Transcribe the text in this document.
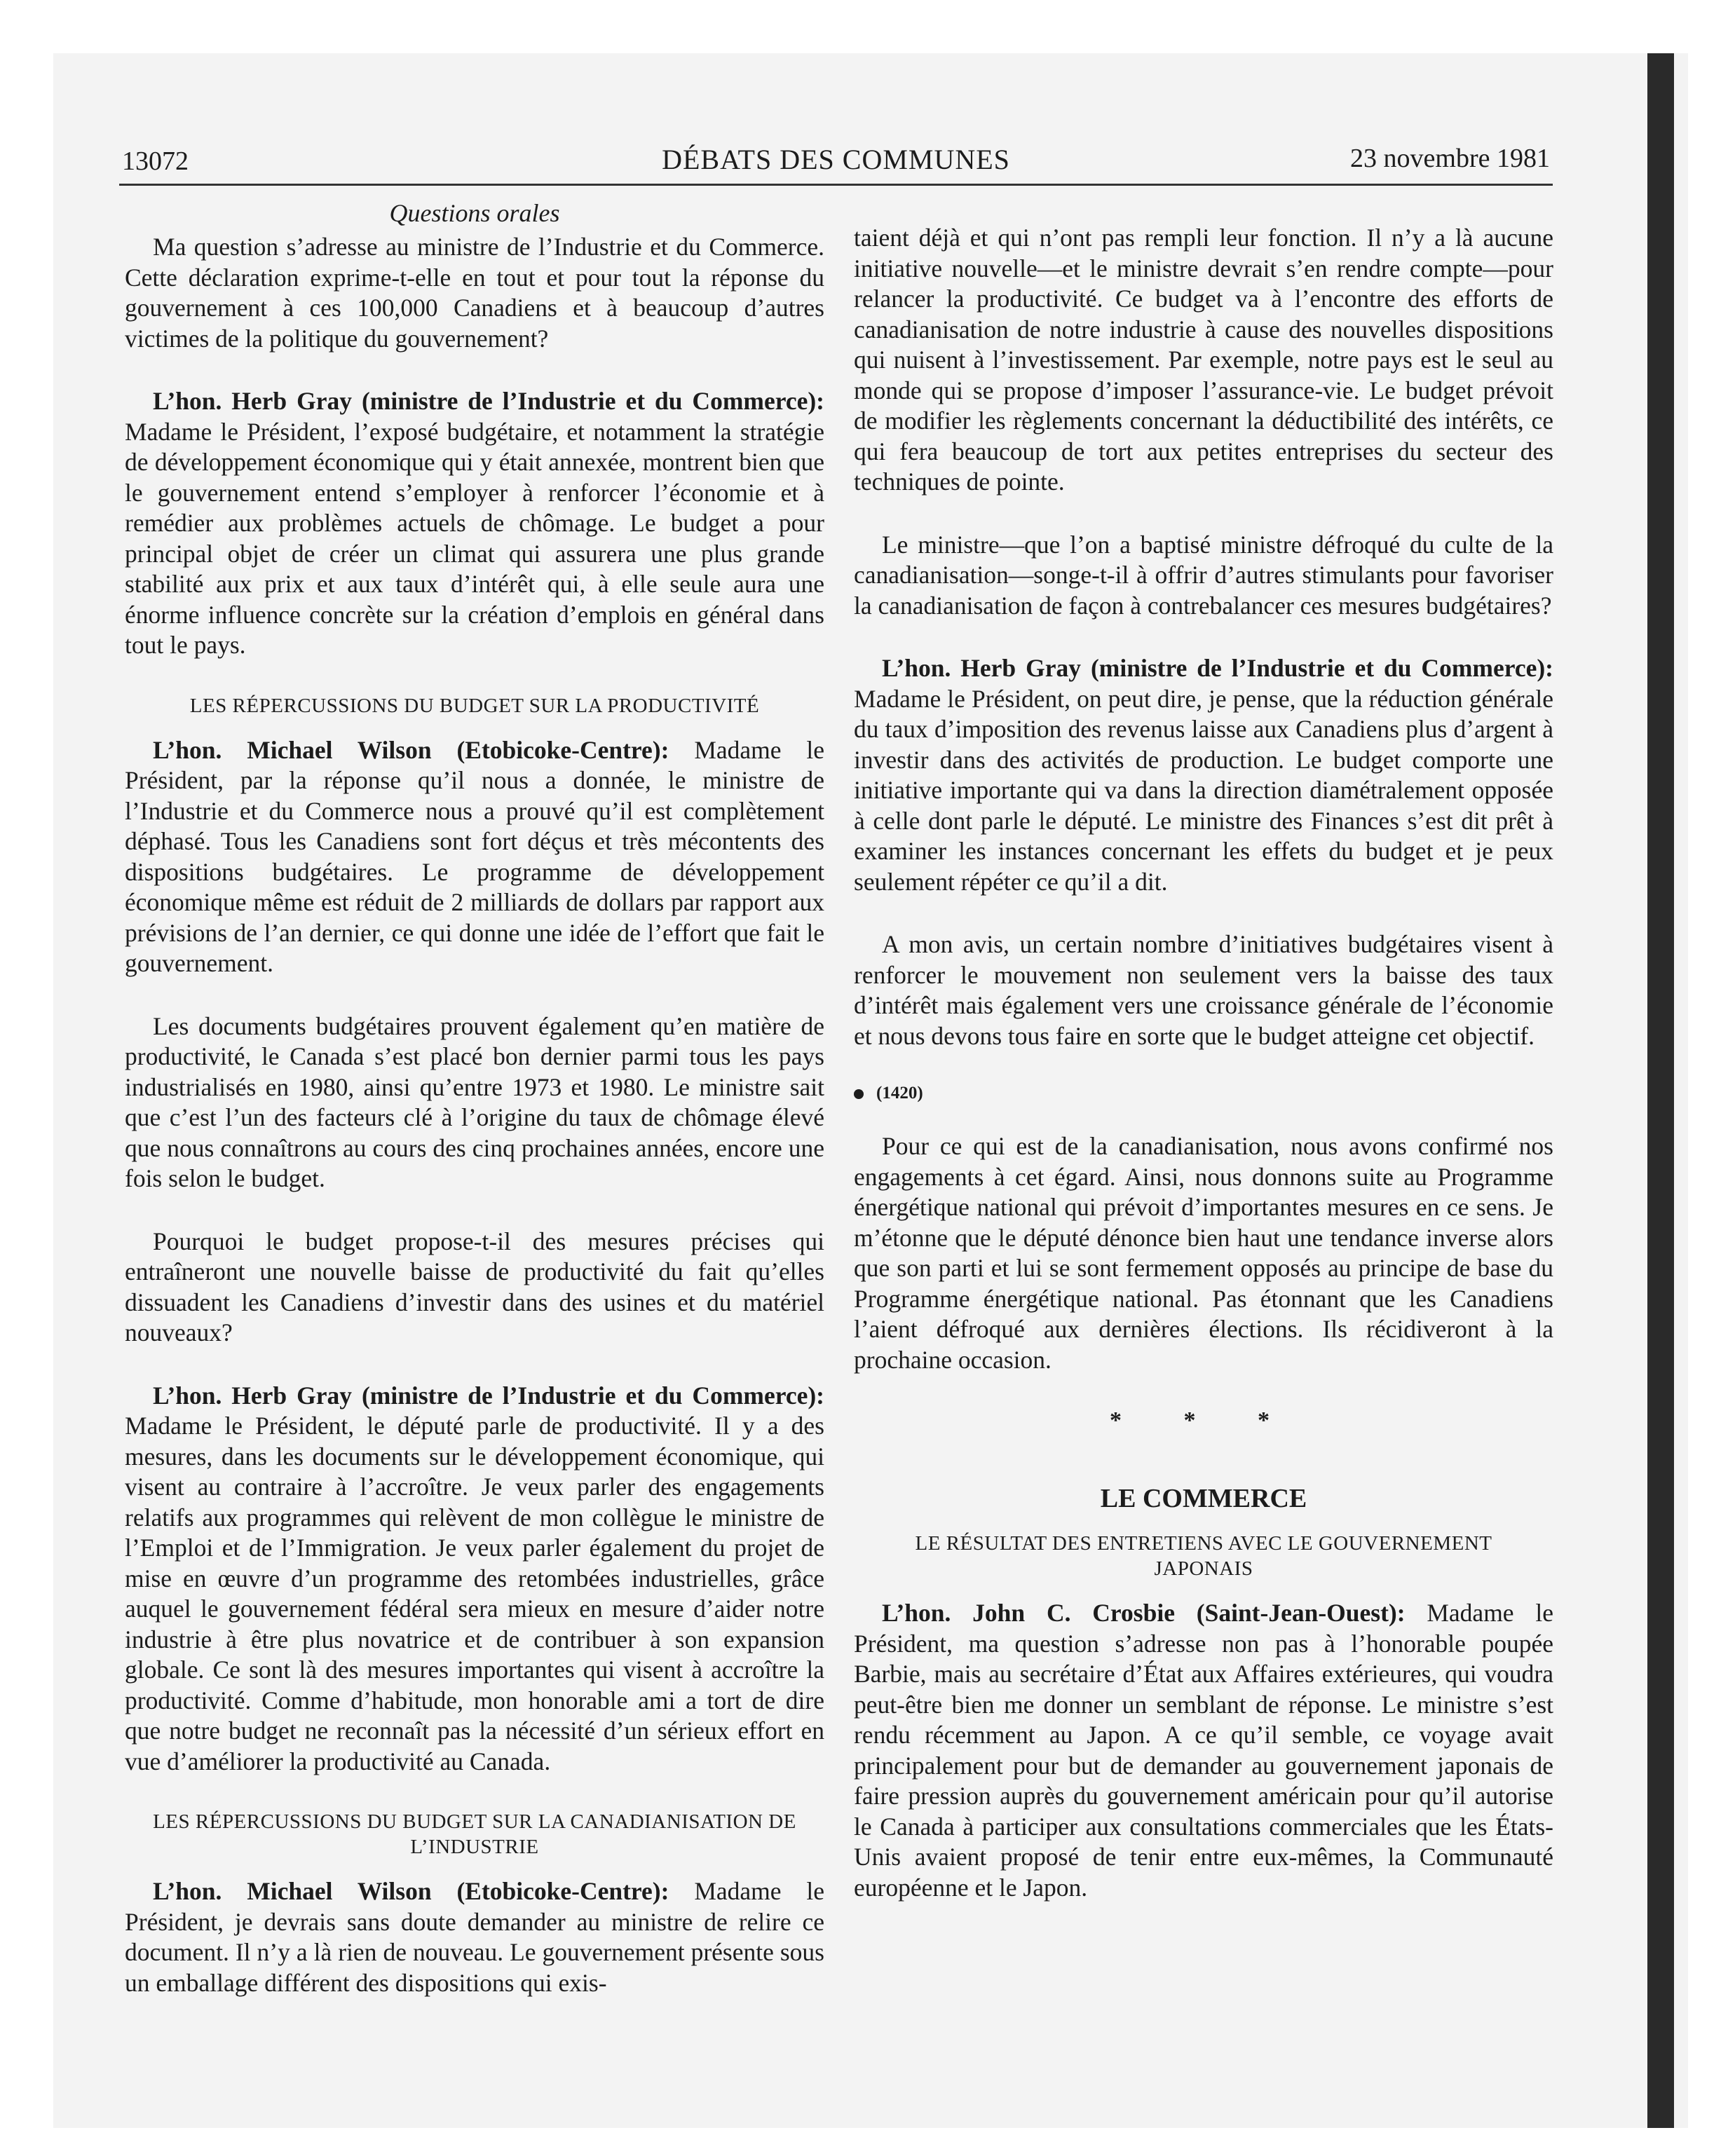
13072	DÉBATS DES COMMUNES	23 novembre 1981
Questions orales

Ma question s’adresse au ministre de l’Industrie et du Commerce. Cette déclaration exprime-t-elle en tout et pour tout la réponse du gouvernement à ces 100,000 Canadiens et à beaucoup d’autres victimes de la politique du gouvernement?

L’hon. Herb Gray (ministre de l’Industrie et du Commerce): Madame le Président, l’exposé budgétaire, et notamment la stratégie de développement économique qui y était annexée, montrent bien que le gouvernement entend s’employer à renforcer l’économie et à remédier aux problèmes actuels de chômage. Le budget a pour principal objet de créer un climat qui assurera une plus grande stabilité aux prix et aux taux d’intérêt qui, à elle seule aura une énorme influence concrète sur la création d’emplois en général dans tout le pays.

LES RÉPERCUSSIONS DU BUDGET SUR LA PRODUCTIVITÉ

L’hon. Michael Wilson (Etobicoke-Centre): Madame le Président, par la réponse qu’il nous a donnée, le ministre de l’Industrie et du Commerce nous a prouvé qu’il est complètement déphasé. Tous les Canadiens sont fort déçus et très mécontents des dispositions budgétaires. Le programme de développement économique même est réduit de 2 milliards de dollars par rapport aux prévisions de l’an dernier, ce qui donne une idée de l’effort que fait le gouvernement.

Les documents budgétaires prouvent également qu’en matière de productivité, le Canada s’est placé bon dernier parmi tous les pays industrialisés en 1980, ainsi qu’entre 1973 et 1980. Le ministre sait que c’est l’un des facteurs clé à l’origine du taux de chômage élevé que nous connaîtrons au cours des cinq prochaines années, encore une fois selon le budget.

Pourquoi le budget propose-t-il des mesures précises qui entraîneront une nouvelle baisse de productivité du fait qu’elles dissuadent les Canadiens d’investir dans des usines et du matériel nouveaux?

L’hon. Herb Gray (ministre de l’Industrie et du Commerce): Madame le Président, le député parle de productivité. Il y a des mesures, dans les documents sur le développement économique, qui visent au contraire à l’accroître. Je veux parler des engagements relatifs aux programmes qui relèvent de mon collègue le ministre de l’Emploi et de l’Immigration. Je veux parler également du projet de mise en œuvre d’un programme des retombées industrielles, grâce auquel le gouvernement fédéral sera mieux en mesure d’aider notre industrie à être plus novatrice et de contribuer à son expansion globale. Ce sont là des mesures importantes qui visent à accroître la productivité. Comme d’habitude, mon honorable ami a tort de dire que notre budget ne reconnaît pas la nécessité d’un sérieux effort en vue d’améliorer la productivité au Canada.

LES RÉPERCUSSIONS DU BUDGET SUR LA CANADIANISATION DE L’INDUSTRIE

L’hon. Michael Wilson (Etobicoke-Centre): Madame le Président, je devrais sans doute demander au ministre de relire ce document. Il n’y a là rien de nouveau. Le gouvernement présente sous un emballage différent des dispositions qui exis-

taient déjà et qui n’ont pas rempli leur fonction. Il n’y a là aucune initiative nouvelle—et le ministre devrait s’en rendre compte—pour relancer la productivité. Ce budget va à l’encontre des efforts de canadianisation de notre industrie à cause des nouvelles dispositions qui nuisent à l’investissement. Par exemple, notre pays est le seul au monde qui se propose d’imposer l’assurance-vie. Le budget prévoit de modifier les règlements concernant la déductibilité des intérêts, ce qui fera beaucoup de tort aux petites entreprises du secteur des techniques de pointe.

Le ministre—que l’on a baptisé ministre défroqué du culte de la canadianisation—songe-t-il à offrir d’autres stimulants pour favoriser la canadianisation de façon à contrebalancer ces mesures budgétaires?

L’hon. Herb Gray (ministre de l’Industrie et du Commerce): Madame le Président, on peut dire, je pense, que la réduction générale du taux d’imposition des revenus laisse aux Canadiens plus d’argent à investir dans des activités de production. Le budget comporte une initiative importante qui va dans la direction diamétralement opposée à celle dont parle le député. Le ministre des Finances s’est dit prêt à examiner les instances concernant les effets du budget et je peux seulement répéter ce qu’il a dit.

A mon avis, un certain nombre d’initiatives budgétaires visent à renforcer le mouvement non seulement vers la baisse des taux d’intérêt mais également vers une croissance générale de l’économie et nous devons tous faire en sorte que le budget atteigne cet objectif.

(1420)

Pour ce qui est de la canadianisation, nous avons confirmé nos engagements à cet égard. Ainsi, nous donnons suite au Programme énergétique national qui prévoit d’importantes mesures en ce sens. Je m’étonne que le député dénonce bien haut une tendance inverse alors que son parti et lui se sont fermement opposés au principe de base du Programme énergétique national. Pas étonnant que les Canadiens l’aient défroqué aux dernières élections. Ils récidiveront à la prochaine occasion.

* * *
LE COMMERCE
LE RÉSULTAT DES ENTRETIENS AVEC LE GOUVERNEMENT JAPONAIS

L’hon. John C. Crosbie (Saint-Jean-Ouest): Madame le Président, ma question s’adresse non pas à l’honorable poupée Barbie, mais au secrétaire d’État aux Affaires extérieures, qui voudra peut-être bien me donner un semblant de réponse. Le ministre s’est rendu récemment au Japon. A ce qu’il semble, ce voyage avait principalement pour but de demander au gouvernement japonais de faire pression auprès du gouvernement américain pour qu’il autorise le Canada à participer aux consultations commerciales que les États-Unis avaient proposé de tenir entre eux-mêmes, la Communauté européenne et le Japon.
